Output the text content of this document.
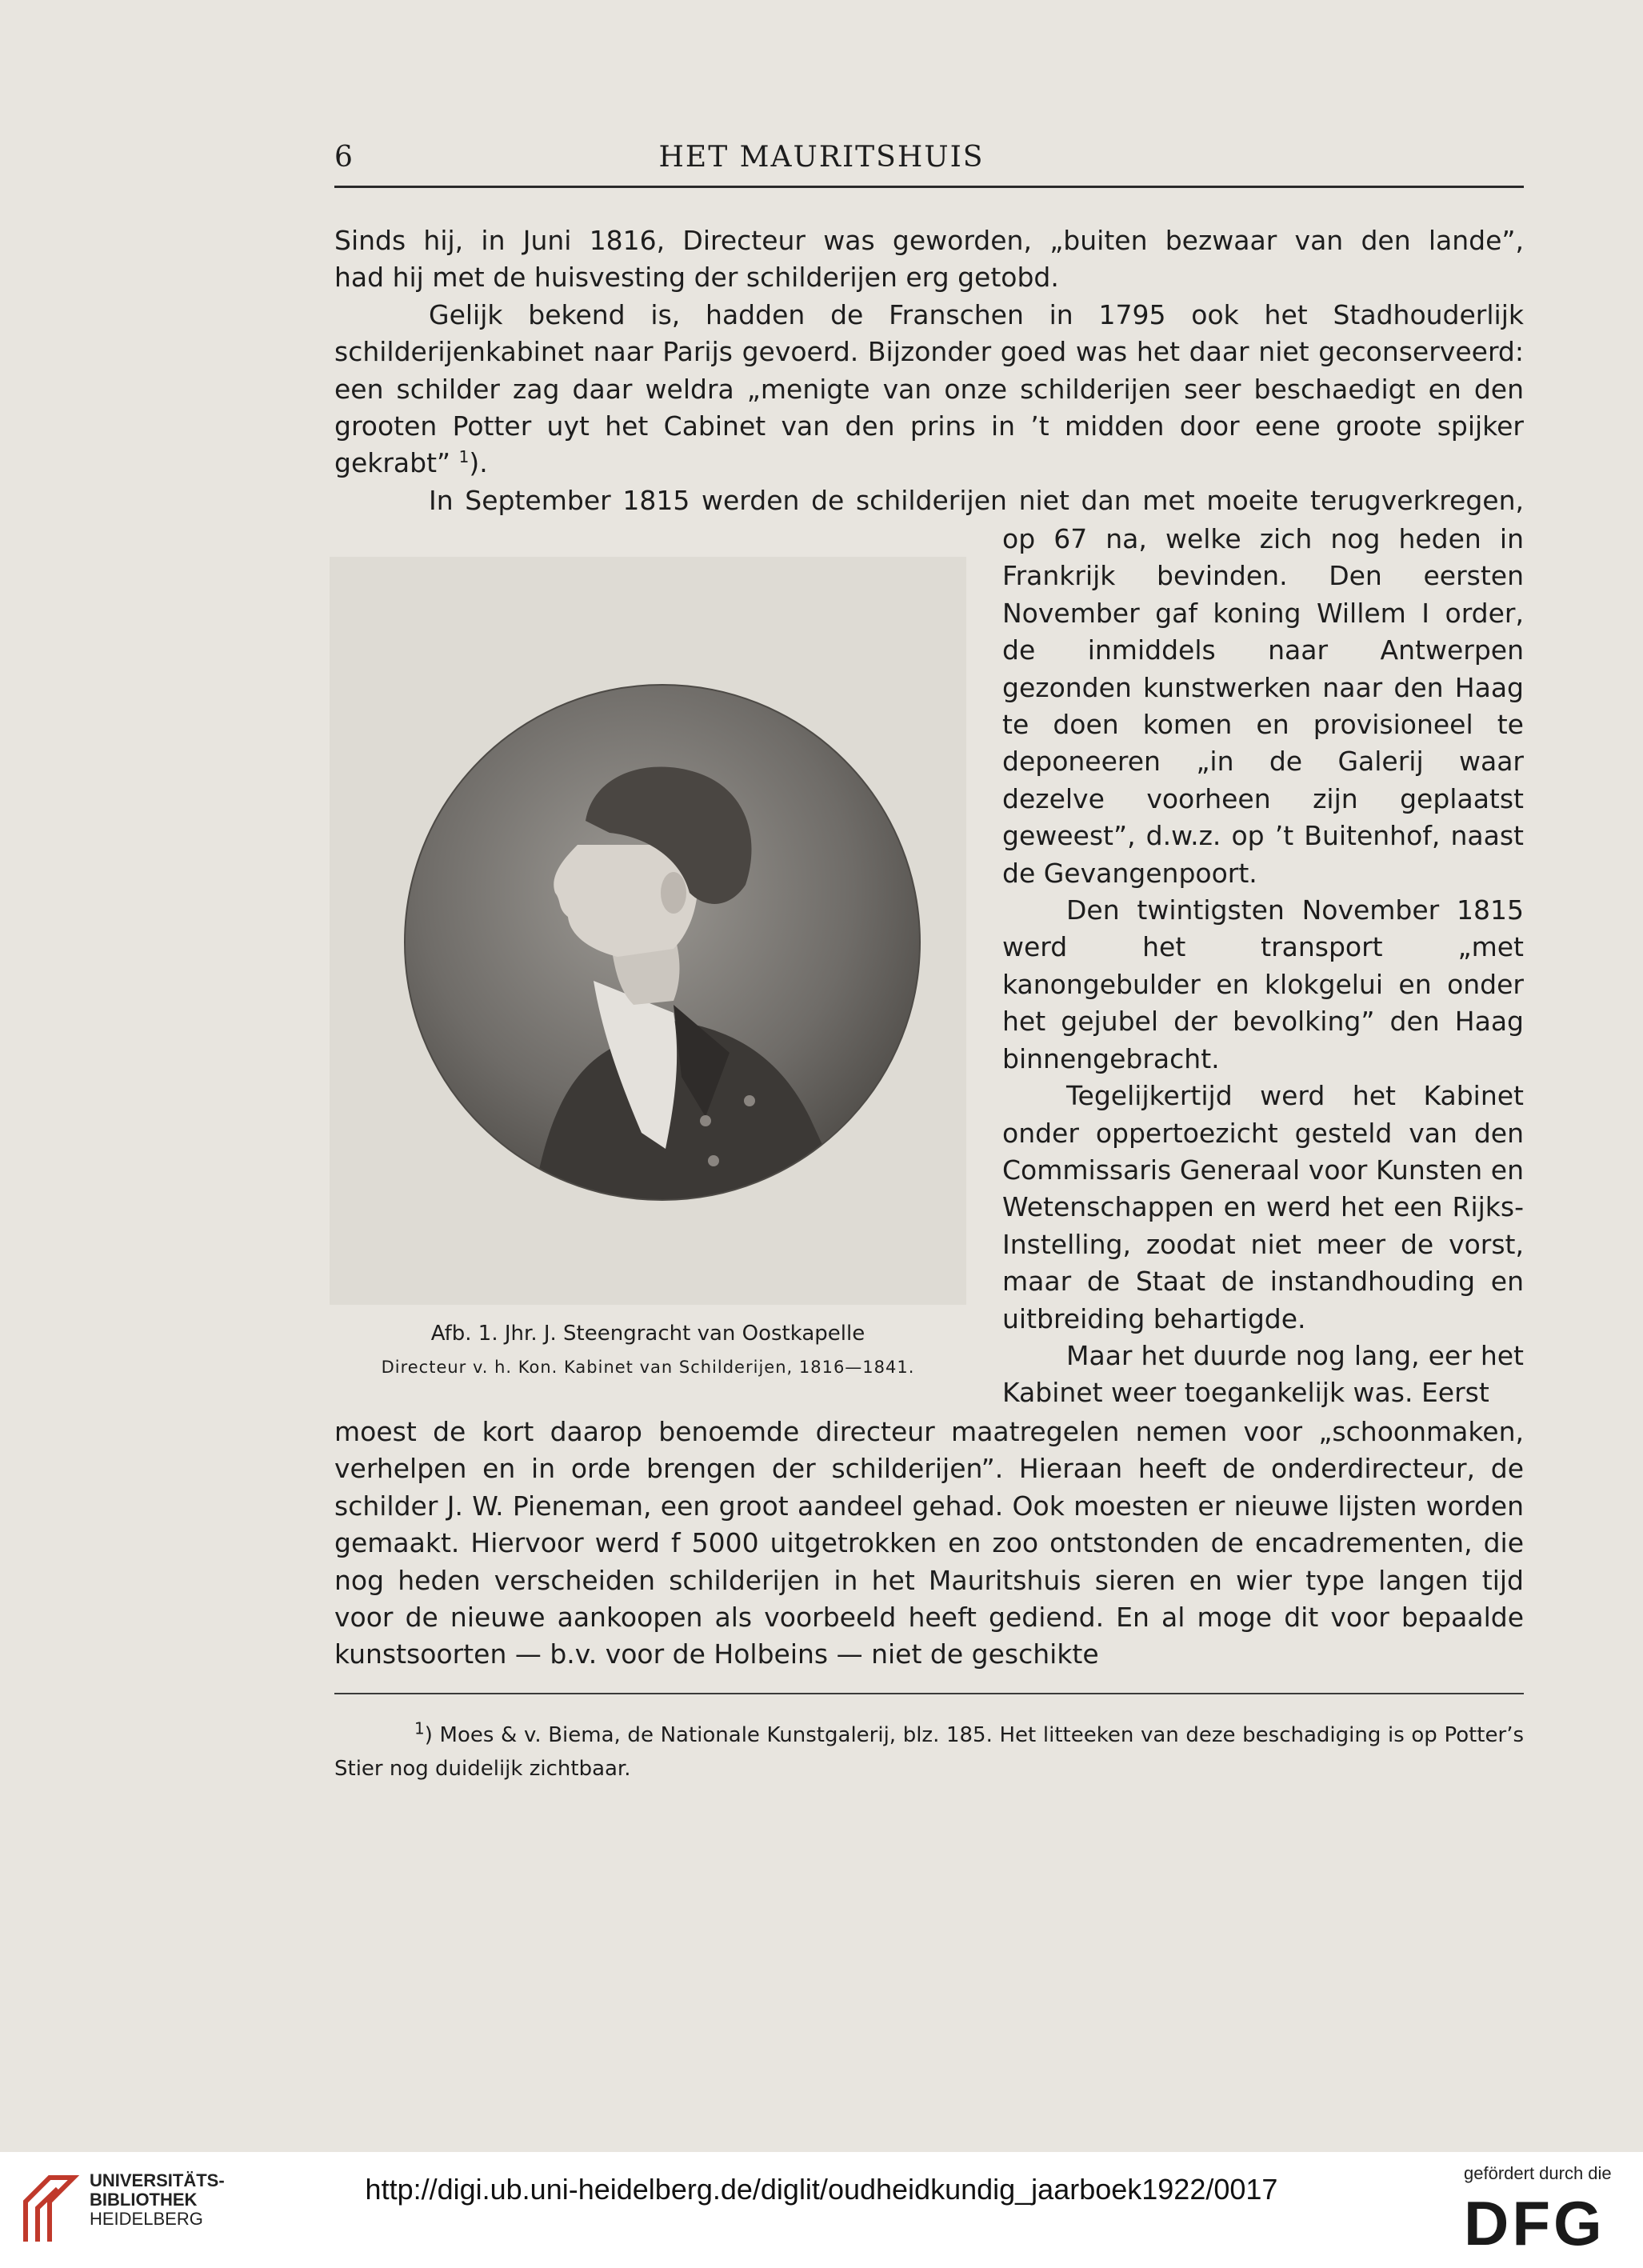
6	HET MAURITSHUIS

Sinds hij, in Juni 1816, Directeur was geworden, „buiten bezwaar van den lande”,

had hij met de huisvesting der schilderijen erg getobd.

Gelijk bekend is, hadden de Franschen in 1795 ook het Stadhouderlijk schilderijenkabinet naar Parijs gevoerd. Bijzonder goed was het daar niet geconserveerd: een schilder zag daar weldra „menigte van onze schilderijen seer beschaedigt en den grooten Potter uyt het Cabinet van den prins in ’t midden door eene groote spijker gekrabt” $^1$).

In September 1815 werden de schilderijen niet dan met moeite terugverkregen,

Afb. 1. Jhr. J. Steengracht van Oostkapelle
Directeur v. h. Kon. Kabinet van Schilderijen, 1816—1841.

op 67 na, welke zich nog heden in Frankrijk bevinden. Den eersten November gaf koning Willem I order, de inmiddels naar Antwerpen gezonden kunstwerken naar den Haag te doen komen en provisioneel te deponeeren „in de Galerij waar dezelve voorheen zijn geplaatst geweest”, d.w.z. op ’t Buitenhof, naast de Gevangenpoort.

Den twintigsten November 1815 werd het transport „met kanongebulder en klokgelui en onder het gejubel der bevolking” den Haag binnengebracht.

Tegelijkertijd werd het Kabinet onder oppertoezicht gesteld van den Commissaris Generaal voor Kunsten en Wetenschappen en werd het een Rijks-Instelling, zoodat niet meer de vorst, maar de Staat de instandhouding en uitbreiding behartigde.

Maar het duurde nog lang, eer het Kabinet weer toegankelijk was. Eerst

moest de kort daarop benoemde directeur maatregelen nemen voor „schoonmaken, verhelpen en in orde brengen der schilderijen”. Hieraan heeft de onderdirecteur, de schilder J. W. Pieneman, een groot aandeel gehad. Ook moesten er nieuwe lijsten worden gemaakt. Hiervoor werd f 5000 uitgetrokken en zoo ontstonden de encadrementen, die nog heden verscheiden schilderijen in het Mauritshuis sieren en wier type langen tijd voor de nieuwe aankoopen als voorbeeld heeft gediend. En al moge dit voor bepaalde kunstsoorten — b.v. voor de Holbeins — niet de geschikte

$^1$) Moes & v. Biema, de Nationale Kunstgalerij, blz. 185. Het litteeken van deze beschadiging is op Potter’s Stier nog duidelijk zichtbaar.

UNIVERSITÄTS-
BIBLIOTHEK
HEIDELBERG
http://digi.ub.uni-heidelberg.de/diglit/oudheidkundig_jaarboek1922/0017	gefördert durch die
DFG
